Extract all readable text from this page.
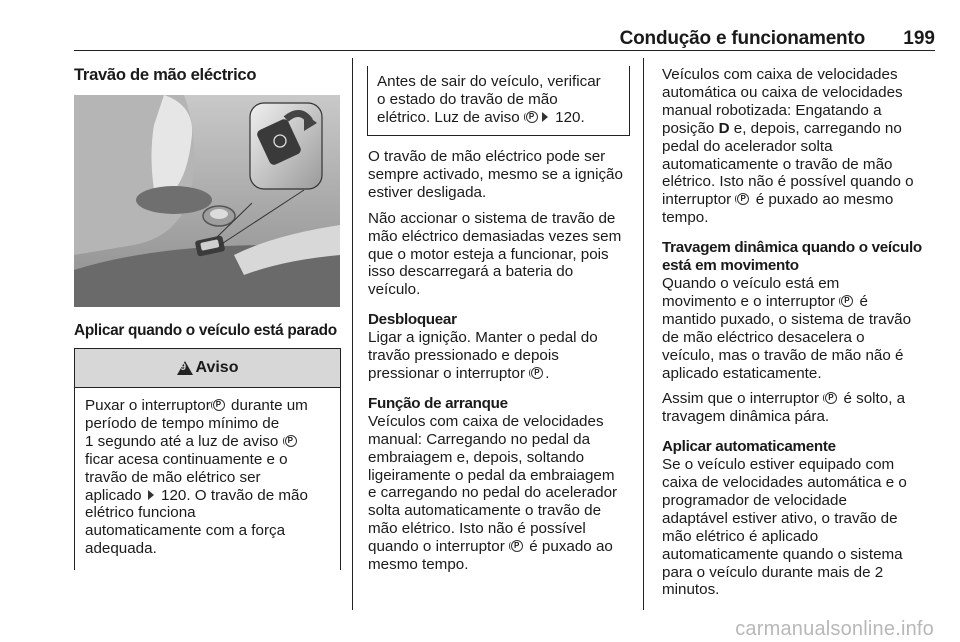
Condução e funcionamento 199
Travão de mão eléctrico
Aplicar quando o veículo está parado
9
Aviso
Puxar o interruptorP durante um
período de tempo mínimo de
1 segundo até a luz de aviso P
ficar acesa continuamente e o
travão de mão elétrico ser
aplicado  120. O travão de mão
elétrico funciona
automaticamente com a força
adequada.
Antes de sair do veículo, verificar
o estado do travão de mão
elétrico. Luz de aviso P 120.

O travão de mão eléctrico pode ser
sempre activado, mesmo se a ignição
estiver desligada.

Não accionar o sistema de travão de
mão eléctrico demasiadas vezes sem
que o motor esteja a funcionar, pois
isso descarregará a bateria do
veículo.

Desbloquear
Ligar a ignição. Manter o pedal do
travão pressionado e depois
pressionar o interruptor P .

Função de arranque
Veículos com caixa de velocidades
manual: Carregando no pedal da
embraiagem e, depois, soltando
ligeiramente o pedal da embraiagem
e carregando no pedal do acelerador
solta automaticamente o travão de
mão elétrico. Isto não é possível
quando o interruptor P é puxado ao
mesmo tempo.

Veículos com caixa de velocidades
automática ou caixa de velocidades
manual robotizada: Engatando a
posição D e, depois, carregando no
pedal do acelerador solta
automaticamente o travão de mão
elétrico. Isto não é possível quando o
interruptor P é puxado ao mesmo
tempo.

Travagem dinâmica quando o veículo
está em movimento
Quando o veículo está em
movimento e o interruptor P é
mantido puxado, o sistema de travão
de mão eléctrico desacelera o
veículo, mas o travão de mão não é
aplicado estaticamente.

Assim que o interruptor P é solto, a
travagem dinâmica pára.

Aplicar automaticamente
Se o veículo estiver equipado com
caixa de velocidades automática e o
programador de velocidade
adaptável estiver ativo, o travão de
mão elétrico é aplicado
automaticamente quando o sistema
para o veículo durante mais de 2
minutos.

carmanualsonline.info
